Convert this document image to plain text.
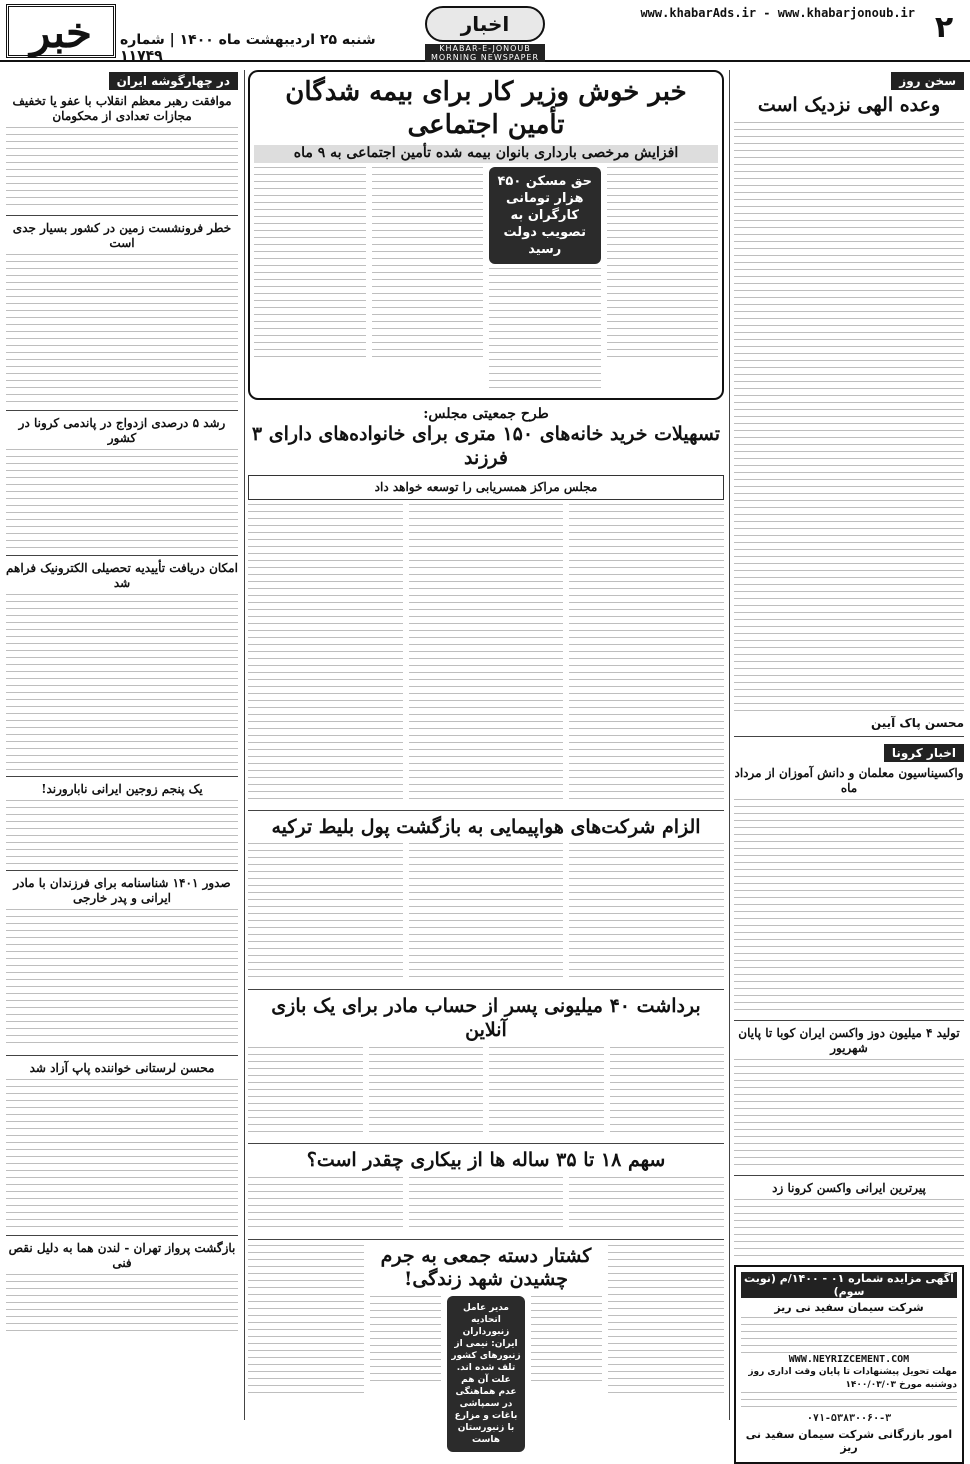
۲
www.khabarAds.ir - www.khabarjonoub.ir
اخبار
KHABAR-E-JONOUB MORNING NEWSPAPER
شنبه ۲۵ اردیبهشت ماه ۱۴۰۰ | شماره ۱۱۷۴۹
خبر
سخن روز
وعده الهی نزدیک است
محسن پاک آیین
اخبار کرونا
واکسیناسیون معلمان و دانش آموزان از مرداد ماه
تولید ۴ میلیون دوز واکسن ایران کوبا تا پایان شهریور
پیرترین ایرانی واکسن کرونا زد
آگهی مزایده شماره ۰۱ - ۱۴۰۰/م (نوبت سوم)
شرکت سیمان سفید نی ریز
WWW.NEYRIZCEMENT.COM
مهلت تحویل پیشنهادات تا پایان وقت اداری روز دوشنبه مورخ ۱۴۰۰/۰۳/۰۳
۰۷۱-۵۳۸۳۰۰۶۰-۳
امور بازرگانی شرکت سیمان سفید نی ریز
خبر خوش وزیر کار برای بیمه شدگان تأمین اجتماعی
افزایش مرخصی بارداری بانوان بیمه شده تأمین اجتماعی به ۹ ماه
حق مسکن ۴۵۰ هزار تومانی کارگران به تصویب دولت رسید
طرح جمعیتی مجلس:
تسهیلات خرید خانه‌های ۱۵۰ متری برای خانواده‌های دارای ۳ فرزند
مجلس مراکز همسریابی را توسعه خواهد داد
الزام شرکت‌های هواپیمایی به بازگشت پول بلیط ترکیه
برداشت ۴۰ میلیونی پسر از حساب مادر برای یک بازی آنلاین
سهم ۱۸ تا ۳۵ ساله ها از بیکاری چقدر است؟
کشتار دسته جمعی به جرم چشیدن شهد زندگی!
مدیر عامل اتحادیه زنبورداران ایران: نیمی از زنبورهای کشور تلف شده اند. علت آن هم عدم هماهنگی در سمپاشی باغات و مزارع با زنبورستان هاست
در چهارگوشه ایران
موافقت رهبر معظم انقلاب با عفو یا تخفیف مجازات تعدادی از محکومان
خطر فرونشست زمین در کشور بسیار جدی است
رشد ۵ درصدی ازدواج در پاندمی کرونا در کشور
امکان دریافت تأییدیه تحصیلی الکترونیک فراهم شد
یک پنجم زوجین ایرانی نابارورند!
صدور ۱۴۰۱ شناسنامه برای فرزندان با مادر ایرانی و پدر خارجی
محسن لرستانی خواننده پاپ آزاد شد
بازگشت پرواز تهران - لندن هما به دلیل نقص فنی
